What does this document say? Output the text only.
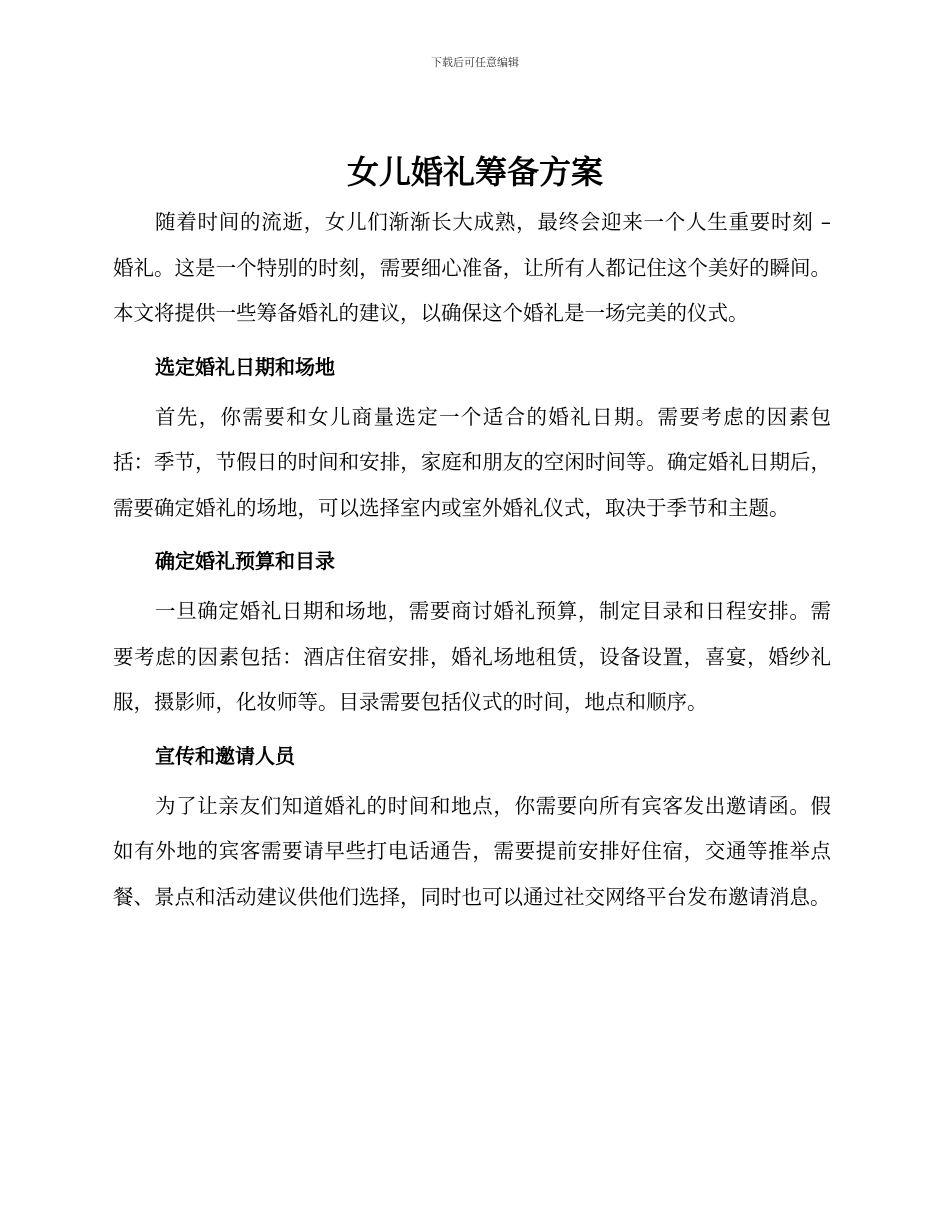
下载后可任意编辑
女儿婚礼筹备方案

随着时间的流逝，女儿们渐渐长大成熟，最终会迎来一个人生重要时刻 – 婚礼。这是一个特别的时刻，需要细心准备，让所有人都记住这个美好的瞬间。本文将提供一些筹备婚礼的建议，以确保这个婚礼是一场完美的仪式。

选定婚礼日期和场地

首先，你需要和女儿商量选定一个适合的婚礼日期。需要考虑的因素包括：季节，节假日的时间和安排，家庭和朋友的空闲时间等。确定婚礼日期后，需要确定婚礼的场地，可以选择室内或室外婚礼仪式，取决于季节和主题。

确定婚礼预算和目录

一旦确定婚礼日期和场地，需要商讨婚礼预算，制定目录和日程安排。需要考虑的因素包括：酒店住宿安排，婚礼场地租赁，设备设置，喜宴，婚纱礼服，摄影师，化妆师等。目录需要包括仪式的时间，地点和顺序。

宣传和邀请人员

为了让亲友们知道婚礼的时间和地点，你需要向所有宾客发出邀请函。假如有外地的宾客需要请早些打电话通告，需要提前安排好住宿，交通等推举点餐、景点和活动建议供他们选择，同时也可以通过社交网络平台发布邀请消息。
